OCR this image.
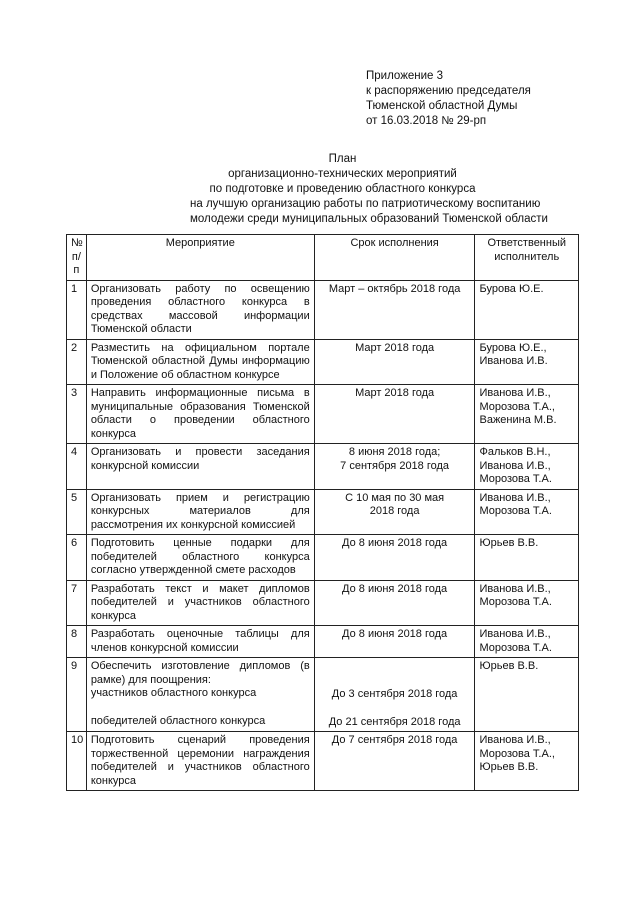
Приложение 3
к распоряжению председателя
Тюменской областной Думы
от 16.03.2018 № 29-рп
План
организационно-технических мероприятий
по подготовке и проведению областного конкурса
на лучшую организацию работы по патриотическому воспитанию
молодежи среди муниципальных образований Тюменской области
№ п/п	Мероприятие	Срок исполнения	Ответственный исполнитель
1	Организовать работу по освещению проведения областного конкурса в средствах массовой информации Тюменской области	Март – октябрь 2018 года	Бурова Ю.Е.

2	Разместить на официальном портале Тюменской областной Думы информацию и Положение об областном конкурсе	Март 2018 года	Бурова Ю.Е.,
Иванова И.В.

3	Направить информационные письма в муниципальные образования Тюменской области о проведении областного конкурса	Март 2018 года	Иванова И.В.,
Морозова Т.А.,
Важенина М.В.

4	Организовать и провести заседания конкурсной комиссии	8 июня 2018 года;
7 сентября 2018 года	Фальков В.Н.,
Иванова И.В.,
Морозова Т.А.

5	Организовать прием и регистрацию конкурсных материалов для рассмотрения их конкурсной комиссией	С 10 мая по 30 мая
2018 года	Иванова И.В.,
Морозова Т.А.

6	Подготовить ценные подарки для победителей областного конкурса согласно утвержденной смете расходов	До 8 июня 2018 года	Юрьев В.В.

7	Разработать текст и макет дипломов победителей и участников областного конкурса	До 8 июня 2018 года	Иванова И.В.,
Морозова Т.А.

8	Разработать оценочные таблицы для членов конкурсной комиссии	До 8 июня 2018 года	Иванова И.В.,
Морозова Т.А.

9	Обеспечить изготовление дипломов (в рамке) для поощрения:
участников областного конкурса
победителей областного конкурса	До 3 сентября 2018 года
До 21 сентября 2018 года	Юрьев В.В.

10	Подготовить сценарий проведения торжественной церемонии награждения победителей и участников областного конкурса	До 7 сентября 2018 года	Иванова И.В.,
Морозова Т.А.,
Юрьев В.В.
